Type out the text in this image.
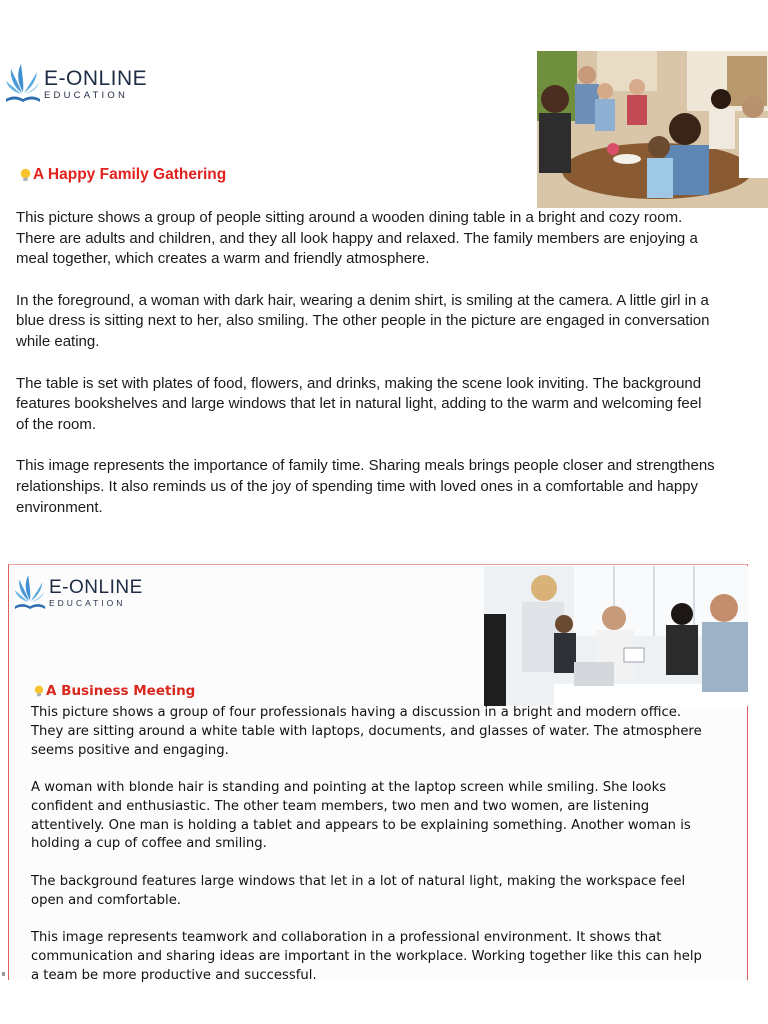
E-ONLINE
EDUCATION
A Happy Family Gathering

This picture shows a group of people sitting around a wooden dining table in a bright and cozy room. There are adults and children, and they all look happy and relaxed. The family members are enjoying a meal together, which creates a warm and friendly atmosphere.

In the foreground, a woman with dark hair, wearing a denim shirt, is smiling at the camera. A little girl in a blue dress is sitting next to her, also smiling. The other people in the picture are engaged in conversation while eating.

The table is set with plates of food, flowers, and drinks, making the scene look inviting. The background features bookshelves and large windows that let in natural light, adding to the warm and welcoming feel of the room.

This image represents the importance of family time. Sharing meals brings people closer and strengthens relationships. It also reminds us of the joy of spending time with loved ones in a comfortable and happy environment.

E-ONLINE
EDUCATION
A Business Meeting

This picture shows a group of four professionals having a discussion in a bright and modern office. They are sitting around a white table with laptops, documents, and glasses of water. The atmosphere seems positive and engaging.

A woman with blonde hair is standing and pointing at the laptop screen while smiling. She looks confident and enthusiastic. The other team members, two men and two women, are listening attentively. One man is holding a tablet and appears to be explaining something. Another woman is holding a cup of coffee and smiling.

The background features large windows that let in a lot of natural light, making the workspace feel open and comfortable.

This image represents teamwork and collaboration in a professional environment. It shows that communication and sharing ideas are important in the workplace. Working together like this can help a team be more productive and successful.
